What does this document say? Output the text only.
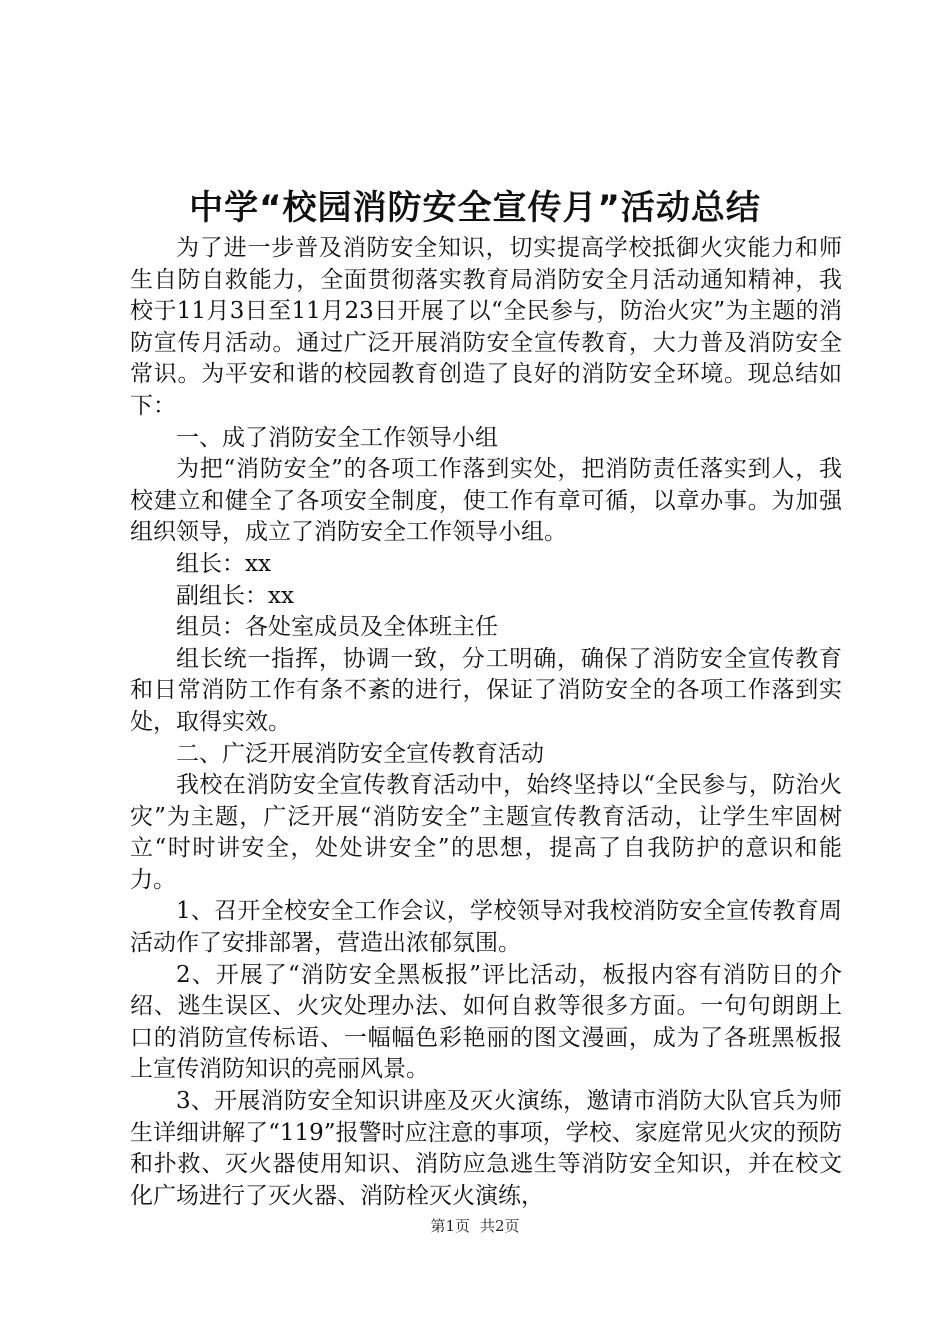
中学“校园消防安全宣传月”活动总结

为了进一步普及消防安全知识，切实提高学校抵御火灾能力和师生自防自救能力，全面贯彻落实教育局消防安全月活动通知精神，我校于11月3日至11月23日开展了以“全民参与，防治火灾”为主题的消防宣传月活动。通过广泛开展消防安全宣传教育，大力普及消防安全常识。为平安和谐的校园教育创造了良好的消防安全环境。现总结如下：

一、成了消防安全工作领导小组

为把“消防安全”的各项工作落到实处，把消防责任落实到人，我校建立和健全了各项安全制度，使工作有章可循，以章办事。为加强组织领导，成立了消防安全工作领导小组。

组长：xx

副组长：xx

组员：各处室成员及全体班主任

组长统一指挥，协调一致，分工明确，确保了消防安全宣传教育和日常消防工作有条不紊的进行，保证了消防安全的各项工作落到实处，取得实效。

二、广泛开展消防安全宣传教育活动

我校在消防安全宣传教育活动中，始终坚持以“全民参与，防治火灾”为主题，广泛开展“消防安全”主题宣传教育活动，让学生牢固树立“时时讲安全，处处讲安全”的思想，提高了自我防护的意识和能力。

1、召开全校安全工作会议，学校领导对我校消防安全宣传教育周活动作了安排部署，营造出浓郁氛围。

2、开展了“消防安全黑板报”评比活动，板报内容有消防日的介绍、逃生误区、火灾处理办法、如何自救等很多方面。一句句朗朗上口的消防宣传标语、一幅幅色彩艳丽的图文漫画，成为了各班黑板报上宣传消防知识的亮丽风景。

3、开展消防安全知识讲座及灭火演练，邀请市消防大队官兵为师生详细讲解了“119”报警时应注意的事项，学校、家庭常见火灾的预防和扑救、灭火器使用知识、消防应急逃生等消防安全知识，并在校文化广场进行了灭火器、消防栓灭火演练，

第1页 共2页
